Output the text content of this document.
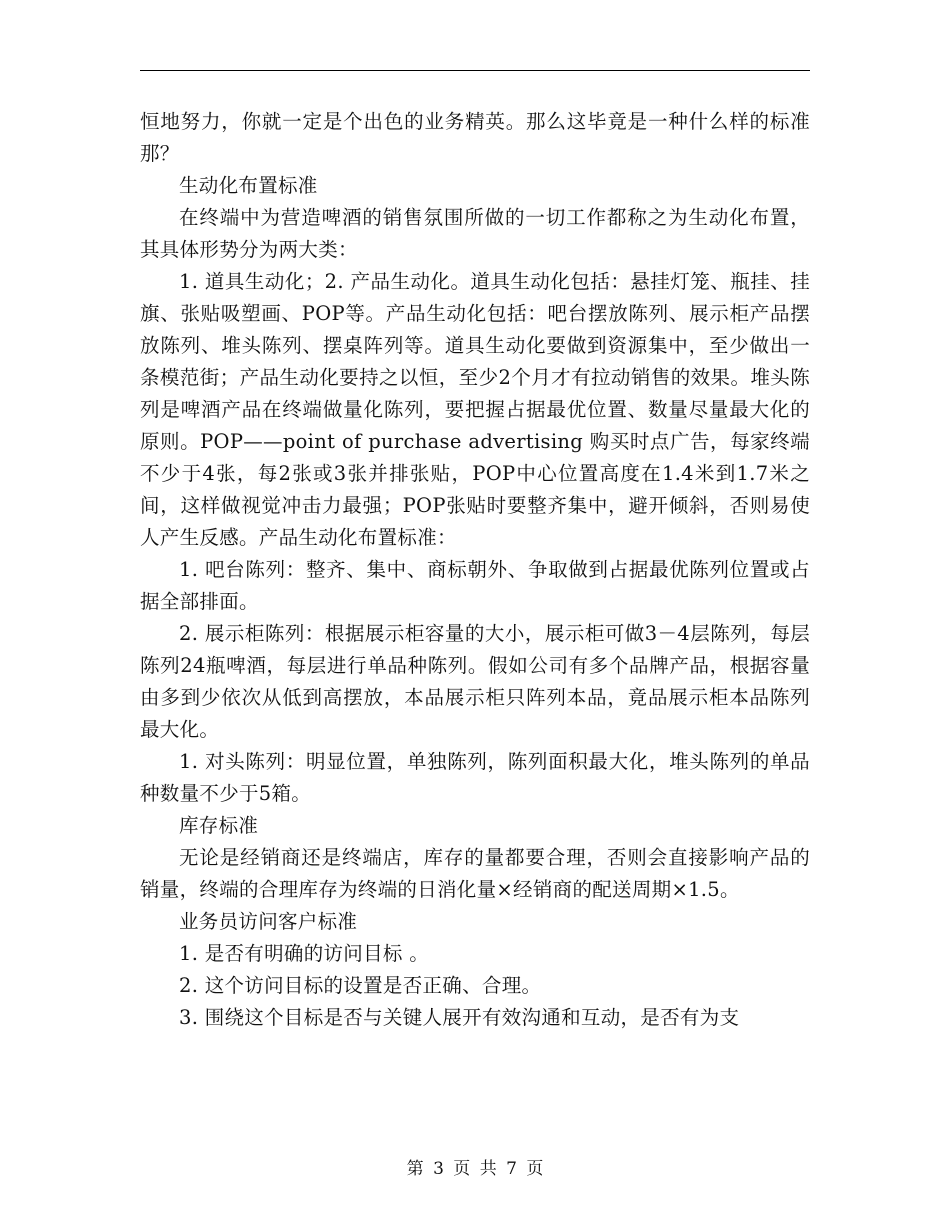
恒地努力，你就一定是个出色的业务精英。那么这毕竟是一种什么样的标准那？

生动化布置标准

在终端中为营造啤酒的销售氛围所做的一切工作都称之为生动化布置，其具体形势分为两大类：

1. 道具生动化；2. 产品生动化。道具生动化包括：悬挂灯笼、瓶挂、挂旗、张贴吸塑画、POP等。产品生动化包括：吧台摆放陈列、展示柜产品摆放陈列、堆头陈列、摆桌阵列等。道具生动化要做到资源集中，至少做出一条模范街；产品生动化要持之以恒，至少2个月才有拉动销售的效果。堆头陈列是啤酒产品在终端做量化陈列，要把握占据最优位置、数量尽量最大化的原则。POP——point of purchase advertising 购买时点广告，每家终端不少于4张，每2张或3张并排张贴，POP中心位置高度在1.4米到1.7米之间，这样做视觉冲击力最强；POP张贴时要整齐集中，避开倾斜，否则易使人产生反感。产品生动化布置标准：

1. 吧台陈列：整齐、集中、商标朝外、争取做到占据最优陈列位置或占据全部排面。

2. 展示柜陈列：根据展示柜容量的大小，展示柜可做3－4层陈列，每层陈列24瓶啤酒，每层进行单品种陈列。假如公司有多个品牌产品，根据容量由多到少依次从低到高摆放，本品展示柜只阵列本品，竟品展示柜本品陈列最大化。

1. 对头陈列：明显位置，单独陈列，陈列面积最大化，堆头陈列的单品种数量不少于5箱。

库存标准

无论是经销商还是终端店，库存的量都要合理，否则会直接影响产品的销量，终端的合理库存为终端的日消化量×经销商的配送周期×1.5。

业务员访问客户标准

1. 是否有明确的访问目标 。

2. 这个访问目标的设置是否正确、合理。

3. 围绕这个目标是否与关键人展开有效沟通和互动，是否有为支

第 3 页 共 7 页
